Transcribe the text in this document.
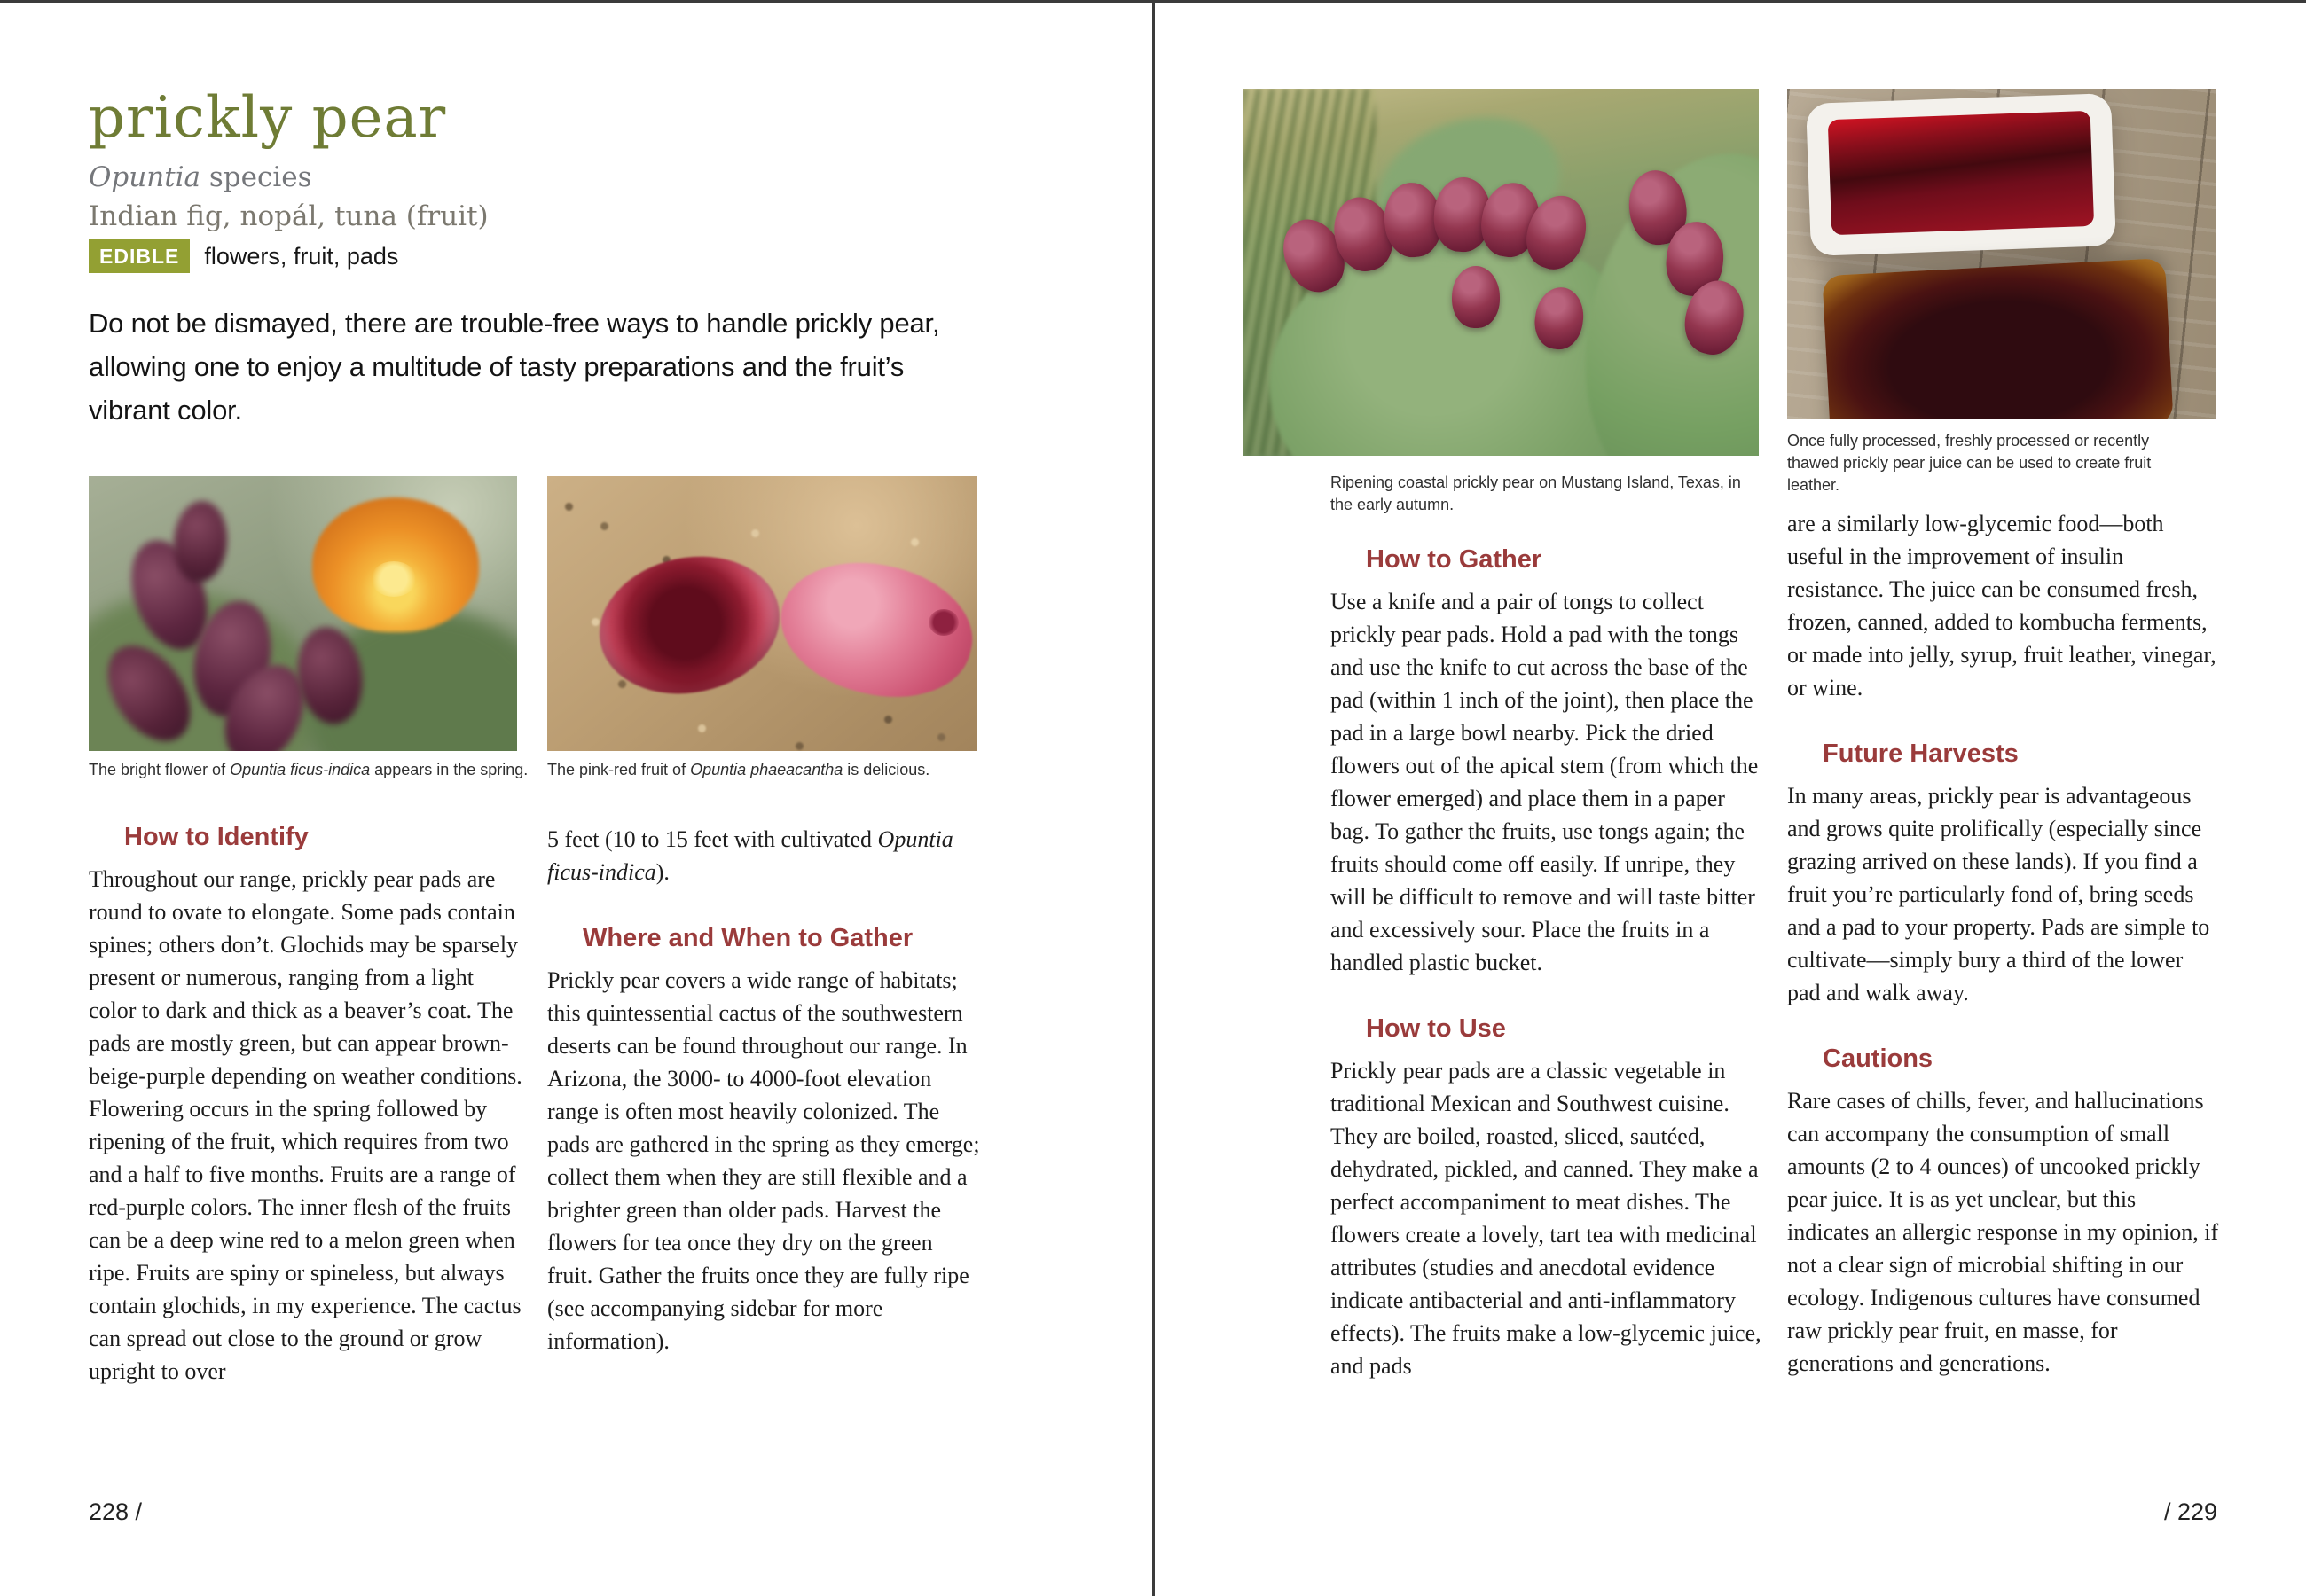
prickly pear

Opuntia species

Indian fig, nopál, tuna (fruit)

EDIBLE	flowers, fruit, pads

Do not be dismayed, there are trouble-free ways to handle prickly pear, allowing one to enjoy a multitude of tasty preparations and the fruit’s vibrant color.

The bright flower of Opuntia ficus-indica appears in the spring. The pink-red fruit of Opuntia phaeacantha is delicious.

How to Identify

Throughout our range, prickly pear pads are round to ovate to elongate. Some pads contain spines; others don’t. Glochids may be sparsely present or numerous, ranging from a light color to dark and thick as a beaver’s coat. The pads are mostly green, but can appear brown-beige-purple depending on weather conditions. Flowering occurs in the spring followed by ripening of the fruit, which requires from two and a half to five months. Fruits are a range of red-purple colors. The inner flesh of the fruits can be a deep wine red to a melon green when ripe. Fruits are spiny or spineless, but always contain glochids, in my experience. The cactus can spread out close to the ground or grow upright to over

5 feet (10 to 15 feet with cultivated Opuntia ficus-indica).

Where and When to Gather

Prickly pear covers a wide range of habitats; this quintessential cactus of the southwestern deserts can be found throughout our range. In Arizona, the 3000- to 4000-foot elevation range is often most heavily colonized. The pads are gathered in the spring as they emerge; collect them when they are still flexible and a brighter green than older pads. Harvest the flowers for tea once they dry on the green fruit. Gather the fruits once they are fully ripe (see accompanying sidebar for more information).

228 /

Ripening coastal prickly pear on Mustang Island, Texas, in the early autumn.

Once fully processed, freshly processed or recently thawed prickly pear juice can be used to create fruit leather.

How to Gather

Use a knife and a pair of tongs to collect prickly pear pads. Hold a pad with the tongs and use the knife to cut across the base of the pad (within 1 inch of the joint), then place the pad in a large bowl nearby. Pick the dried flowers out of the apical stem (from which the flower emerged) and place them in a paper bag. To gather the fruits, use tongs again; the fruits should come off easily. If unripe, they will be difficult to remove and will taste bitter and excessively sour. Place the fruits in a handled plastic bucket.

How to Use

Prickly pear pads are a classic vegetable in traditional Mexican and Southwest cuisine. They are boiled, roasted, sliced, sautéed, dehydrated, pickled, and canned. They make a perfect accompaniment to meat dishes. The flowers create a lovely, tart tea with medicinal attributes (studies and anecdotal evidence indicate antibacterial and anti-inflammatory effects). The fruits make a low-glycemic juice, and pads

are a similarly low-glycemic food—both useful in the improvement of insulin resistance. The juice can be consumed fresh, frozen, canned, added to kombucha ferments, or made into jelly, syrup, fruit leather, vinegar, or wine.

Future Harvests

In many areas, prickly pear is advantageous and grows quite prolifically (especially since grazing arrived on these lands). If you find a fruit you’re particularly fond of, bring seeds and a pad to your property. Pads are simple to cultivate—simply bury a third of the lower pad and walk away.

Cautions

Rare cases of chills, fever, and hallucinations can accompany the consumption of small amounts (2 to 4 ounces) of uncooked prickly pear juice. It is as yet unclear, but this indicates an allergic response in my opinion, if not a clear sign of microbial shifting in our ecology. Indigenous cultures have consumed raw prickly pear fruit, en masse, for generations and generations.

/ 229
